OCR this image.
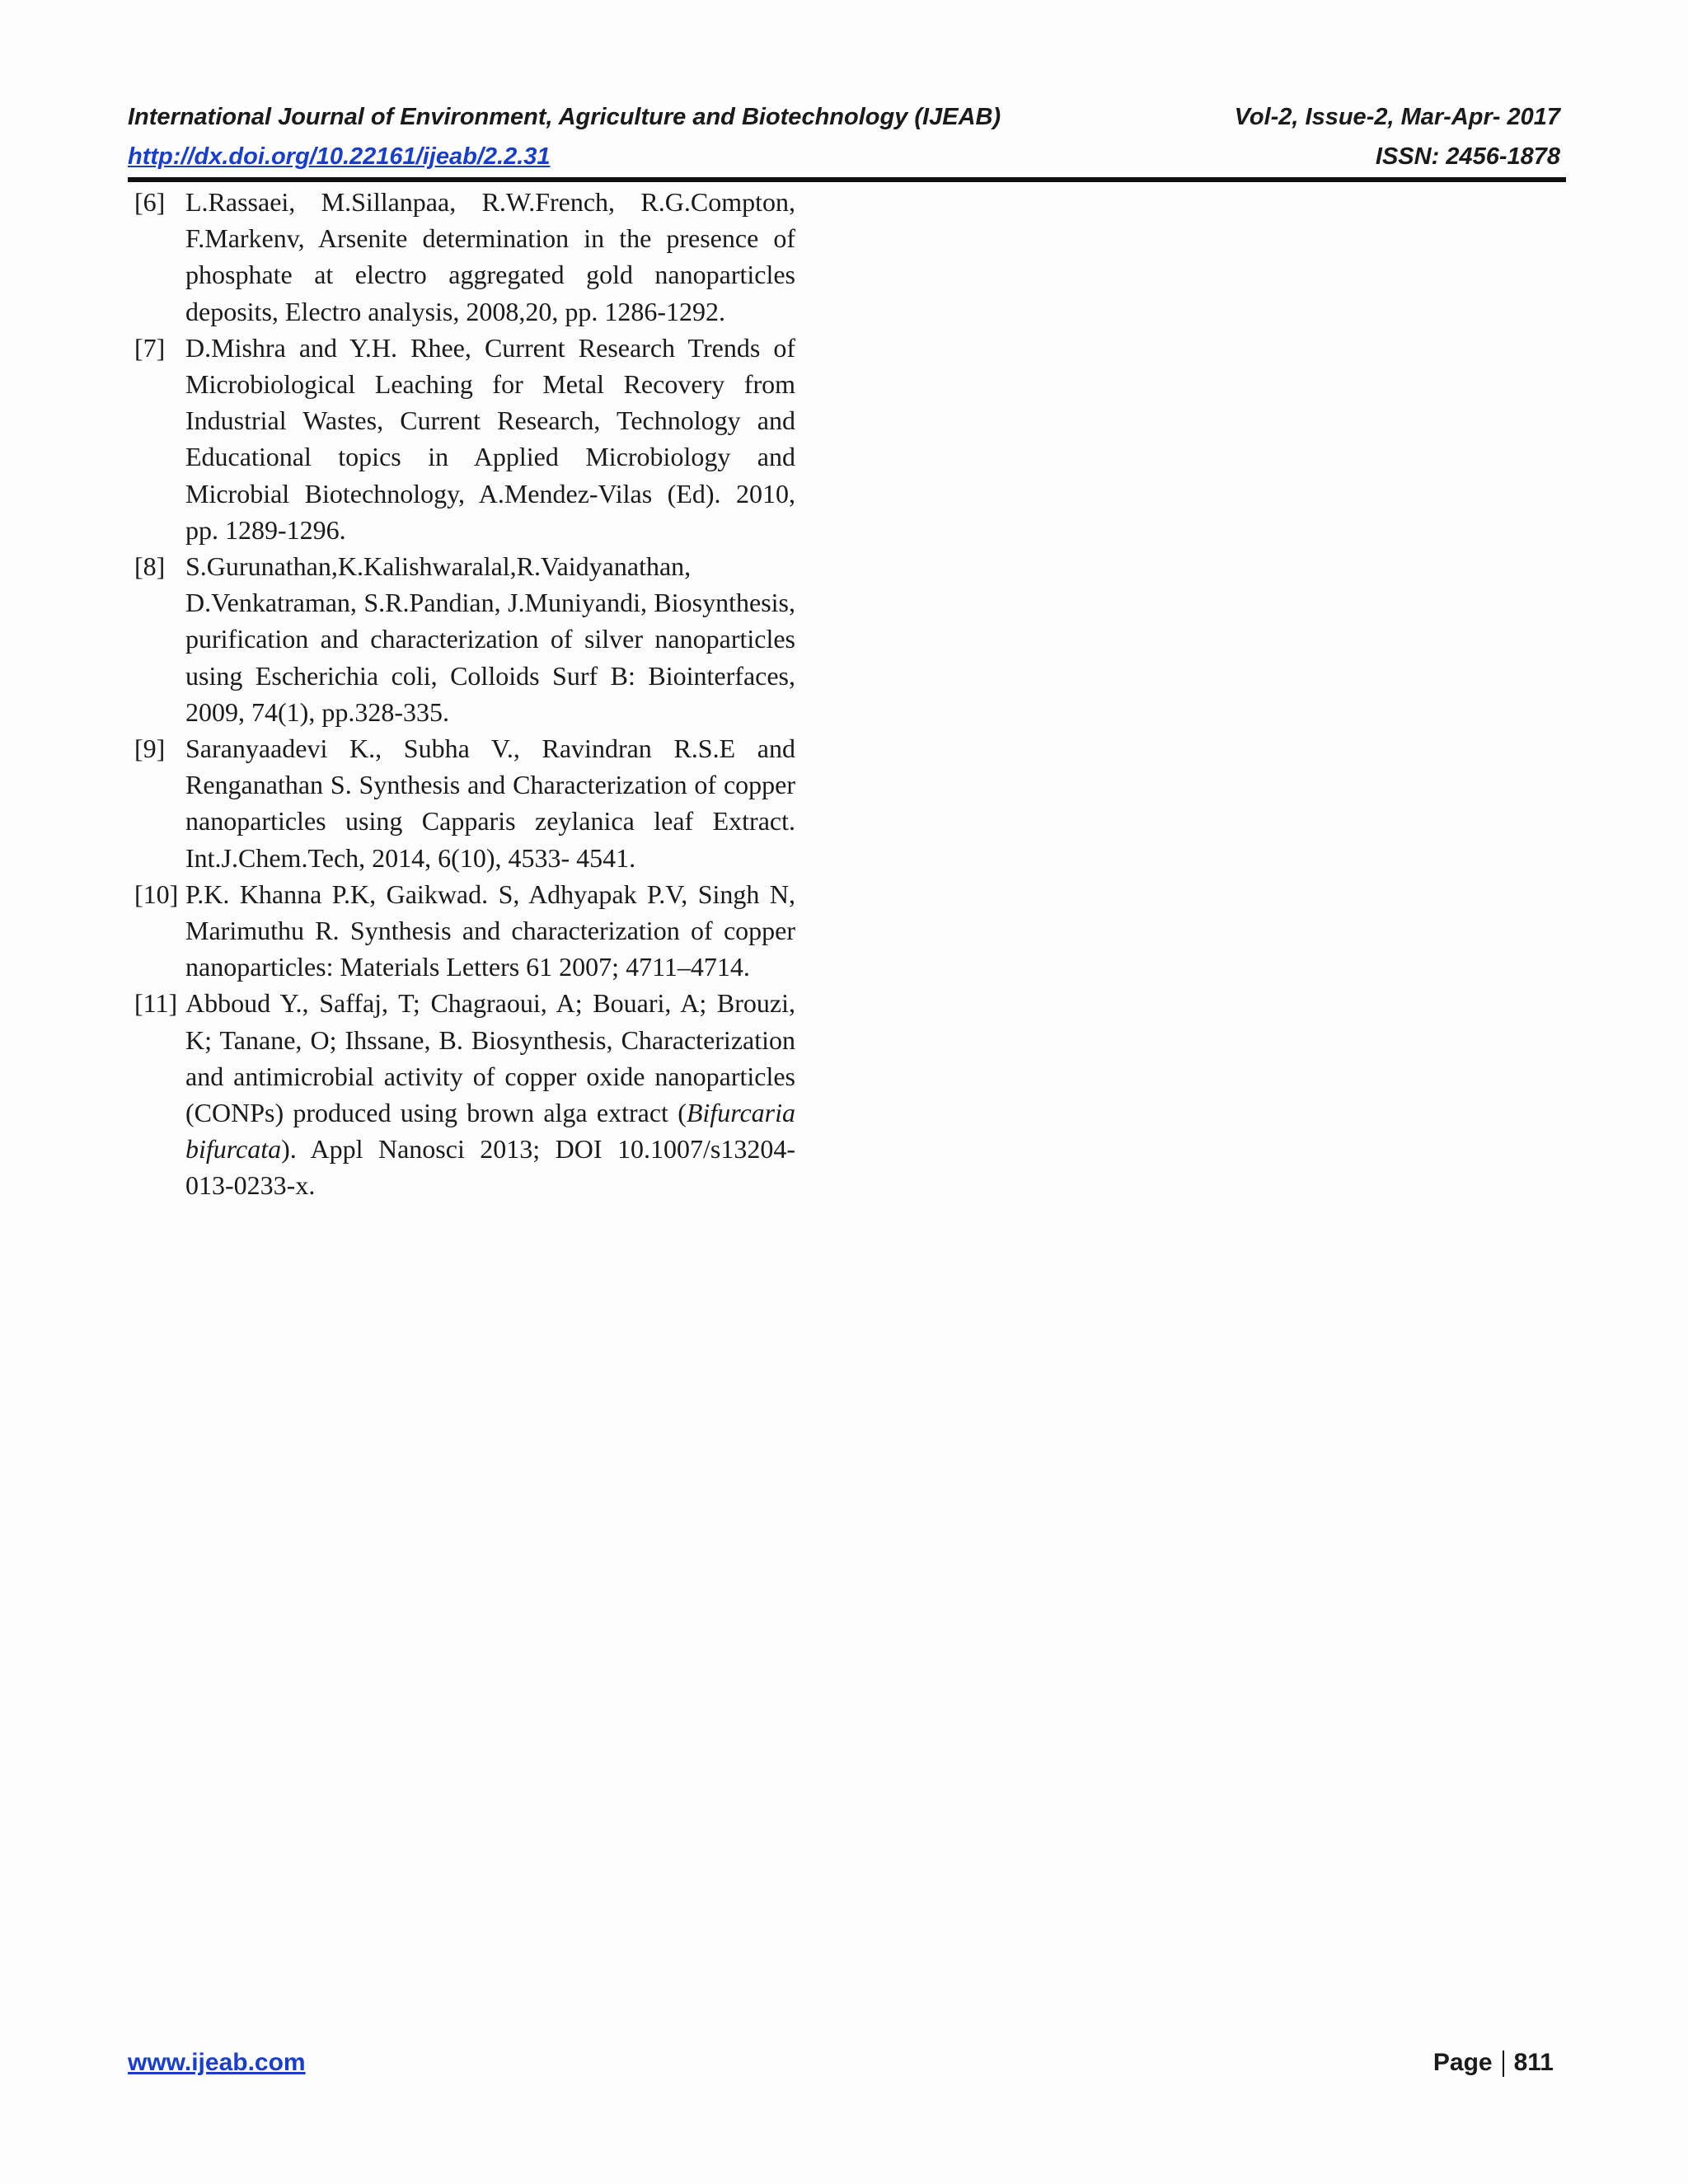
International Journal of Environment, Agriculture and Biotechnology (IJEAB)	Vol-2, Issue-2, Mar-Apr- 2017
http://dx.doi.org/10.22161/ijeab/2.2.31	ISSN: 2456-1878
[6] L.Rassaei, M.Sillanpaa, R.W.French, R.G.Compton, F.Markenv, Arsenite determination in the presence of phosphate at electro aggregated gold nanoparticles deposits, Electro analysis, 2008,20, pp. 1286-1292.
[7] D.Mishra and Y.H. Rhee, Current Research Trends of Microbiological Leaching for Metal Recovery from Industrial Wastes, Current Research, Technology and Educational topics in Applied Microbiology and Microbial Biotechnology, A.Mendez-Vilas (Ed). 2010, pp. 1289-1296.
[8] S.Gurunathan,K.Kalishwaralal,R.Vaidyanathan, D.Venkatraman, S.R.Pandian, J.Muniyandi, Biosynthesis, purification and characterization of silver nanoparticles using Escherichia coli, Colloids Surf B: Biointerfaces, 2009, 74(1), pp.328-335.
[9] Saranyaadevi K., Subha V., Ravindran R.S.E and Renganathan S. Synthesis and Characterization of copper nanoparticles using Capparis zeylanica leaf Extract. Int.J.Chem.Tech, 2014, 6(10), 4533- 4541.
[10] P.K. Khanna P.K, Gaikwad. S, Adhyapak P.V, Singh N, Marimuthu R. Synthesis and characterization of copper nanoparticles: Materials Letters 61 2007; 4711–4714.
[11] Abboud Y., Saffaj, T; Chagraoui, A; Bouari, A; Brouzi, K; Tanane, O; Ihssane, B. Biosynthesis, Characterization and antimicrobial activity of copper oxide nanoparticles (CONPs) produced using brown alga extract (Bifurcaria bifurcata). Appl Nanosci 2013; DOI 10.1007/s13204-013-0233-x.
www.ijeab.com	Page 811
